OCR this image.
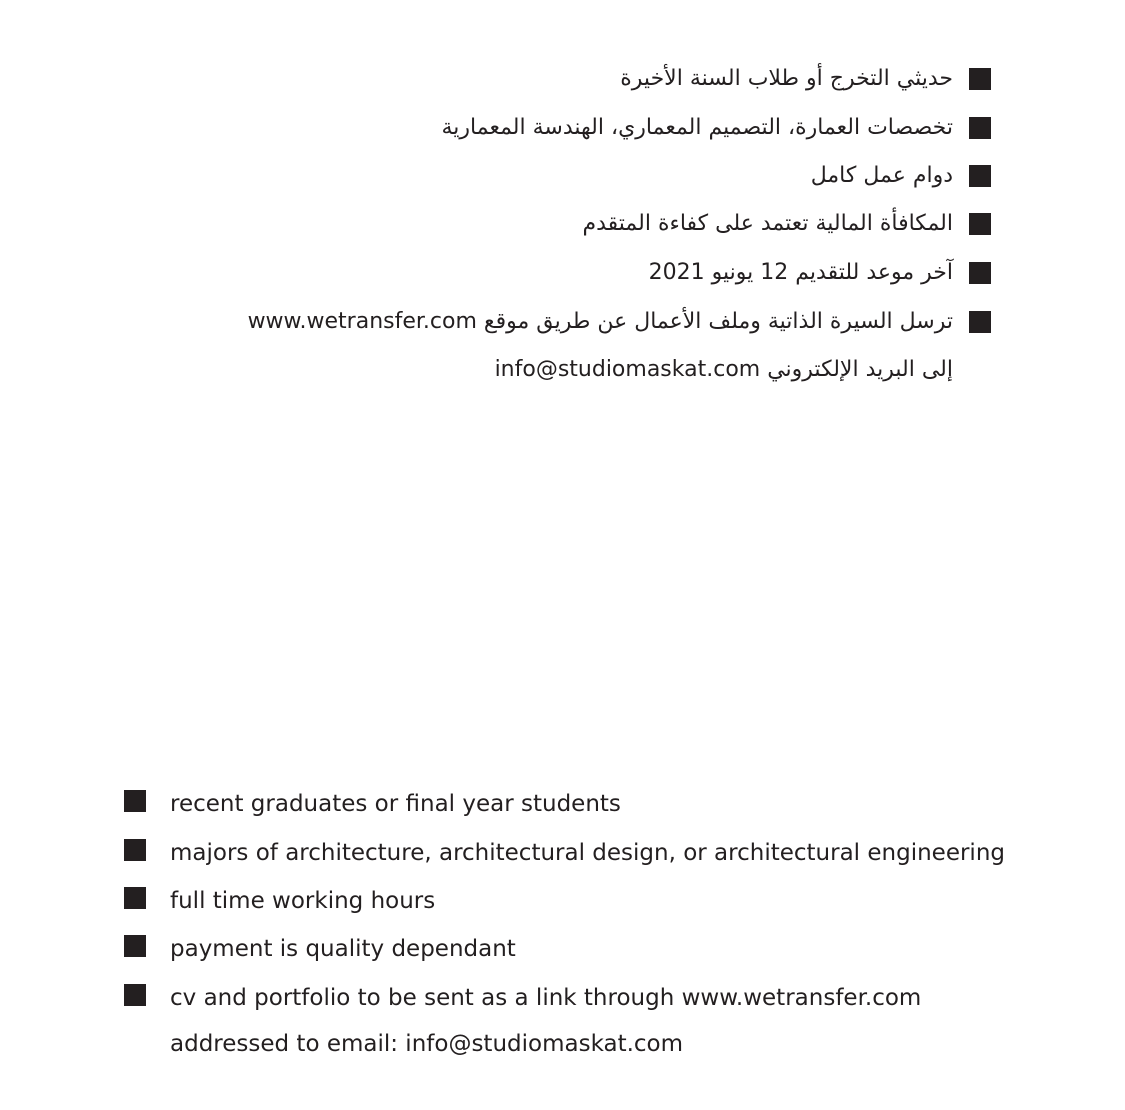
حديثي التخرج أو طلاب السنة الأخيرة
تخصصات العمارة، التصميم المعماري، الهندسة المعمارية
دوام عمل كامل
المكافأة المالية تعتمد على كفاءة المتقدم
آخر موعد للتقديم 12 يونيو 2021
ترسل السيرة الذاتية وملف الأعمال عن طريق موقع www.wetransfer.com
إلى البريد الإلكتروني info@studiomaskat.com
recent graduates or final year students
majors of architecture, architectural design, or architectural engineering
full time working hours
payment is quality dependant
cv and portfolio to be sent as a link through www.wetransfer.com
addressed to email: info@studiomaskat.com
